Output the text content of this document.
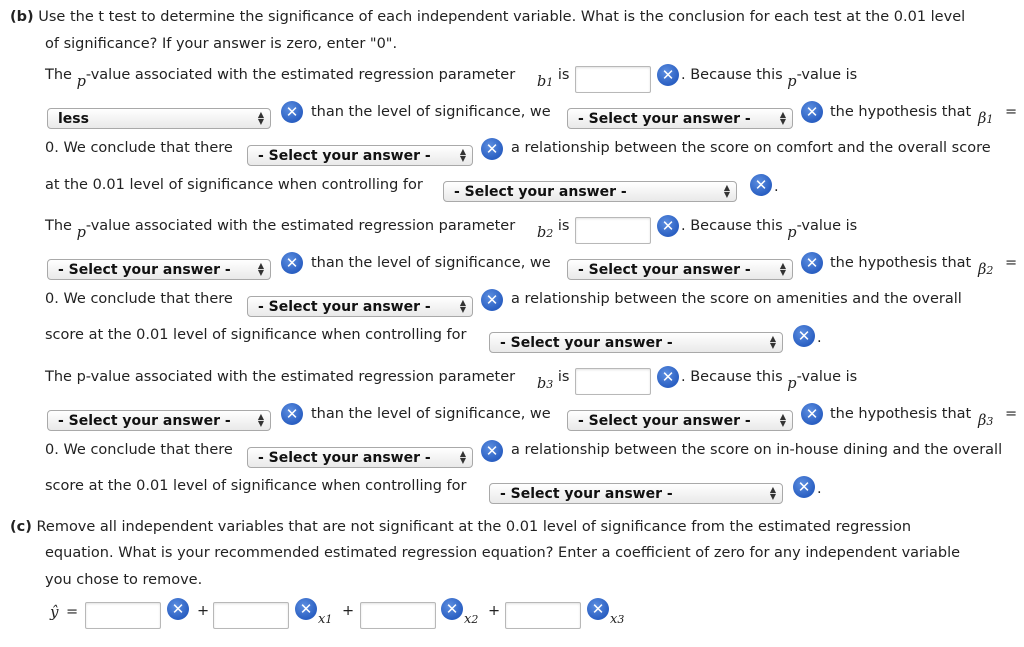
(b) Use the t test to determine the significance of each independent variable. What is the conclusion for each test at the 0.01 level
of significance? If your answer is zero, enter "0".
The p-value associated with the estimated regression parameter b1 is	✕ . Because this p-value is
less	▲
▼
✕ than the level of significance, we	- Select your answer -	▲
▼
✕ the hypothesis that β1 =
0. We conclude that there	- Select your answer -	▲
▼
✕ a relationship between the score on comfort and the overall score
at the 0.01 level of significance when controlling for	- Select your answer -	▲
▼
✕ .
The p-value associated with the estimated regression parameter b2 is	✕ . Because this p-value is
- Select your answer -	▲
▼
✕ than the level of significance, we	- Select your answer -	▲
▼
✕ the hypothesis that β2 =
0. We conclude that there	- Select your answer -	▲
▼
✕ a relationship between the score on amenities and the overall
score at the 0.01 level of significance when controlling for	- Select your answer -	▲
▼
✕ .
The p-value associated with the estimated regression parameter b3 is	✕ . Because this p-value is
- Select your answer -	▲
▼
✕ than the level of significance, we	- Select your answer -	▲
▼
✕ the hypothesis that β3 =
0. We conclude that there	- Select your answer -	▲
▼
✕ a relationship between the score on in-house dining and the overall
score at the 0.01 level of significance when controlling for	- Select your answer -	▲
▼
✕ .
(c) Remove all independent variables that are not significant at the 0.01 level of significance from the estimated regression
equation. What is your recommended estimated regression equation? Enter a coefficient of zero for any independent variable
you chose to remove.
ŷ =	✕ +	✕
x1
+	✕
x2
+	✕
x3
